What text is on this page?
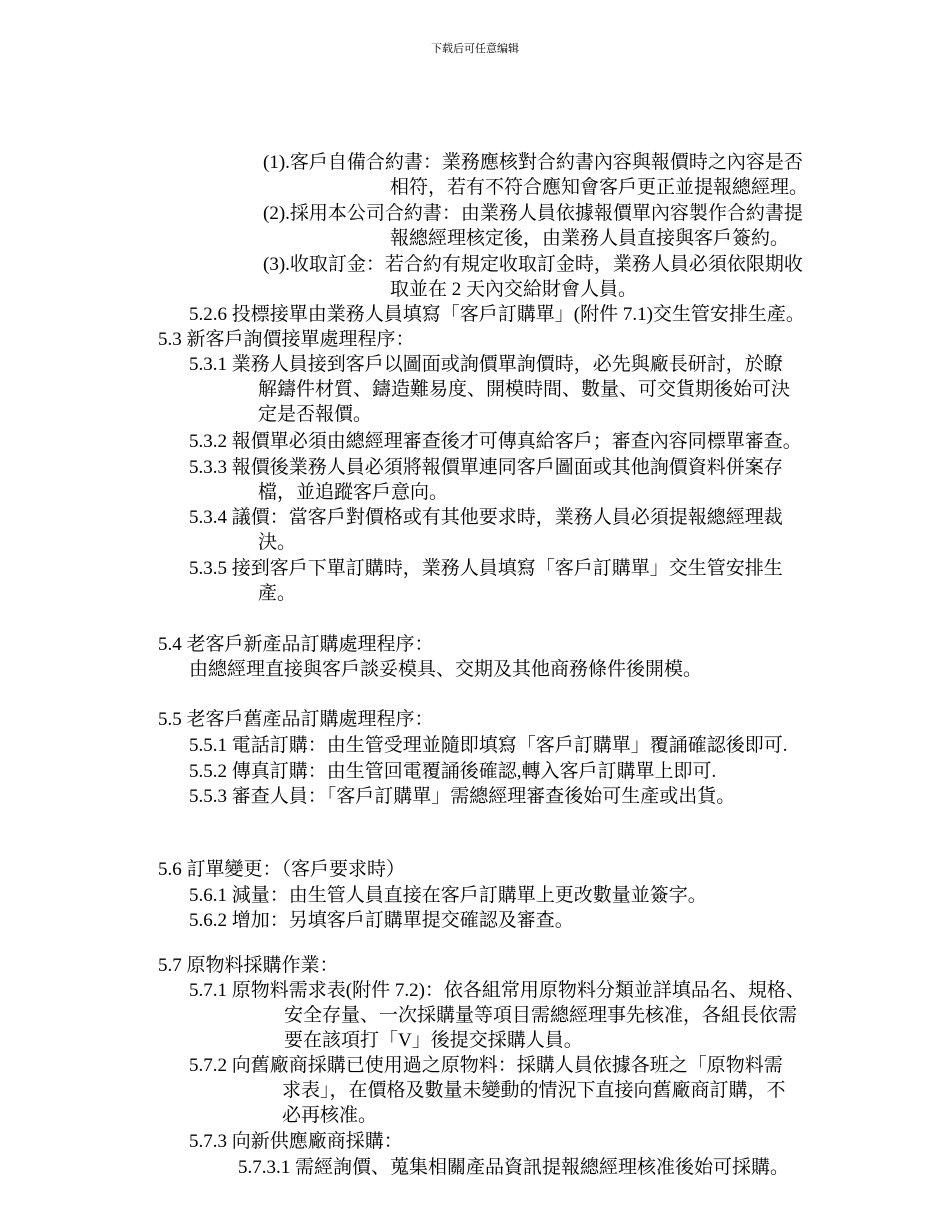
下载后可任意编辑
(1).客戶自備合約書：業務應核對合約書內容與報價時之內容是否
相符，若有不符合應知會客戶更正並提報總經理。
(2).採用本公司合約書：由業務人員依據報價單內容製作合約書提
報總經理核定後，由業務人員直接與客戶簽約。
(3).收取訂金：若合約有規定收取訂金時，業務人員必須依限期收
取並在 2 天內交給財會人員。
5.2.6 投標接單由業務人員填寫「客戶訂購單」(附件 7.1)交生管安排生產。
5.3 新客戶詢價接單處理程序：
5.3.1 業務人員接到客戶以圖面或詢價單詢價時，必先與廠長研討，於瞭
解鑄件材質、鑄造難易度、開模時間、數量、可交貨期後始可決
定是否報價。
5.3.2 報價單必須由總經理審查後才可傳真給客戶；審查內容同標單審查。
5.3.3 報價後業務人員必須將報價單連同客戶圖面或其他詢價資料併案存
檔，並追蹤客戶意向。
5.3.4 議價：當客戶對價格或有其他要求時，業務人員必須提報總經理裁
決。
5.3.5 接到客戶下單訂購時，業務人員填寫「客戶訂購單」交生管安排生
產。
5.4 老客戶新產品訂購處理程序：
由總經理直接與客戶談妥模具、交期及其他商務條件後開模。
5.5 老客戶舊產品訂購處理程序：
5.5.1 電話訂購：由生管受理並隨即填寫「客戶訂購單」覆誦確認後即可.
5.5.2 傳真訂購：由生管回電覆誦後確認,轉入客戶訂購單上即可.
5.5.3 審查人員：「客戶訂購單」需總經理審查後始可生產或出貨。
5.6 訂單變更：（客戶要求時）
5.6.1 減量：由生管人員直接在客戶訂購單上更改數量並簽字。
5.6.2 增加：另填客戶訂購單提交確認及審查。
5.7 原物料採購作業：
5.7.1 原物料需求表(附件 7.2)：依各組常用原物料分類並詳填品名、規格、
安全存量、一次採購量等項目需總經理事先核准，各組長依需
要在該項打「V」後提交採購人員。
5.7.2 向舊廠商採購已使用過之原物料：採購人員依據各班之「原物料需
求表」，在價格及數量未變動的情況下直接向舊廠商訂購，不
必再核准。
5.7.3 向新供應廠商採購：
5.7.3.1 需經詢價、蒐集相關產品資訊提報總經理核准後始可採購。
